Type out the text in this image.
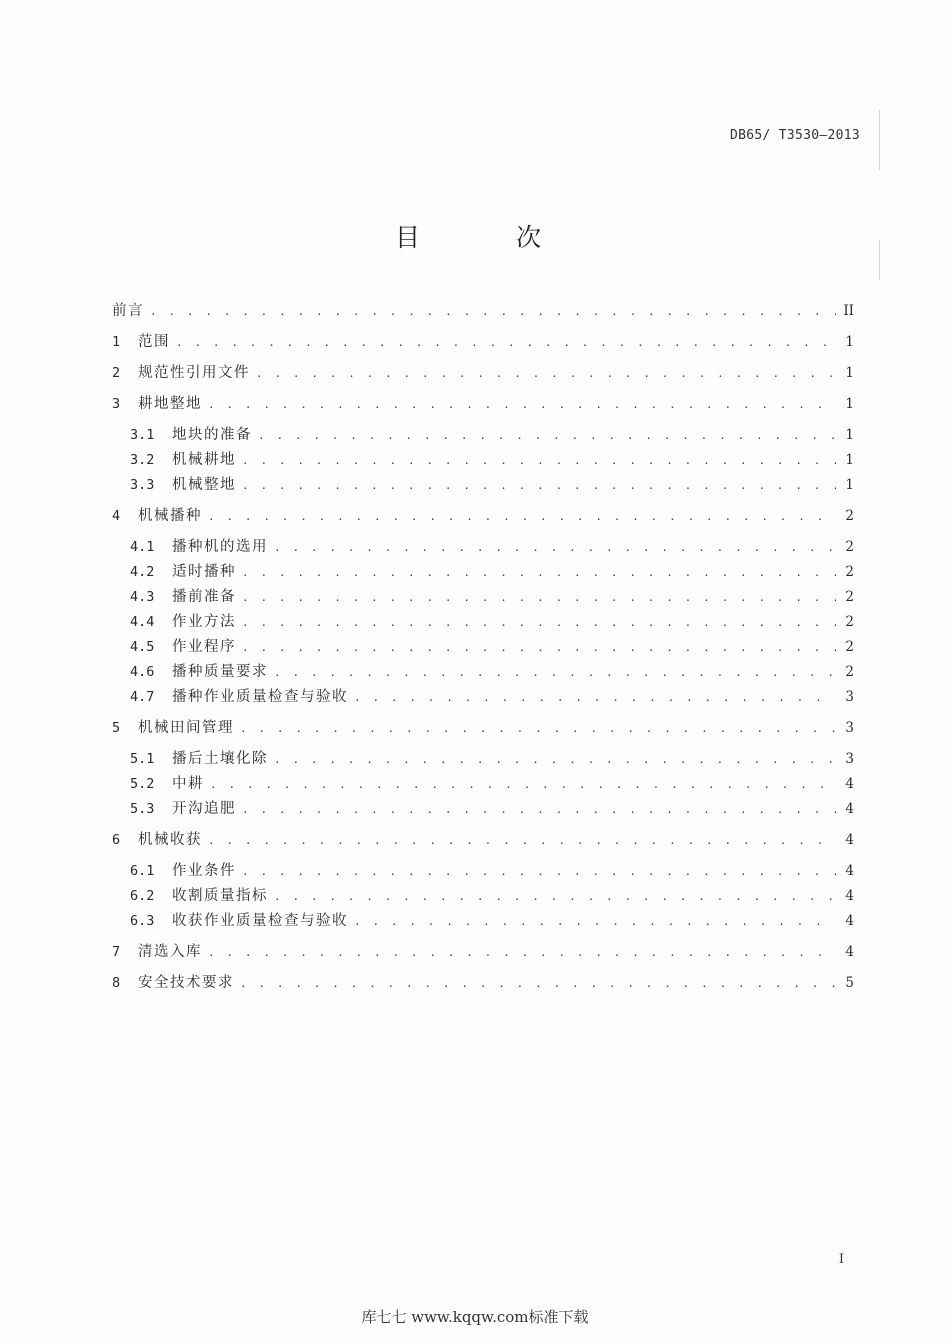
DB65/ T3530—2013
目 次
前言 . . .	II
1	范围 . . .	1
2	规范性引用文件 . . .	1
3	耕地整地 . . .	1
3.1	地块的准备 . . .	1
3.2	机械耕地 . . .	1
3.3	机械整地 . . .	1
4	机械播种 . . .	2
4.1	播种机的选用 . . .	2
4.2	适时播种 . . .	2
4.3	播前准备 . . .	2
4.4	作业方法 . . .	2
4.5	作业程序 . . .	2
4.6	播种质量要求 . . .	2
4.7	播种作业质量检查与验收 . . .	3
5	机械田间管理 . . .	3
5.1	播后土壤化除 . . .	3
5.2	中耕 . . .	4
5.3	开沟追肥 . . .	4
6	机械收获 . . .	4
6.1	作业条件 . . .	4
6.2	收割质量指标 . . .	4
6.3	收获作业质量检查与验收 . . .	4
7	清选入库 . . .	4
8	安全技术要求 . . .	5
I
库七七 www.kqqw.com标准下载
